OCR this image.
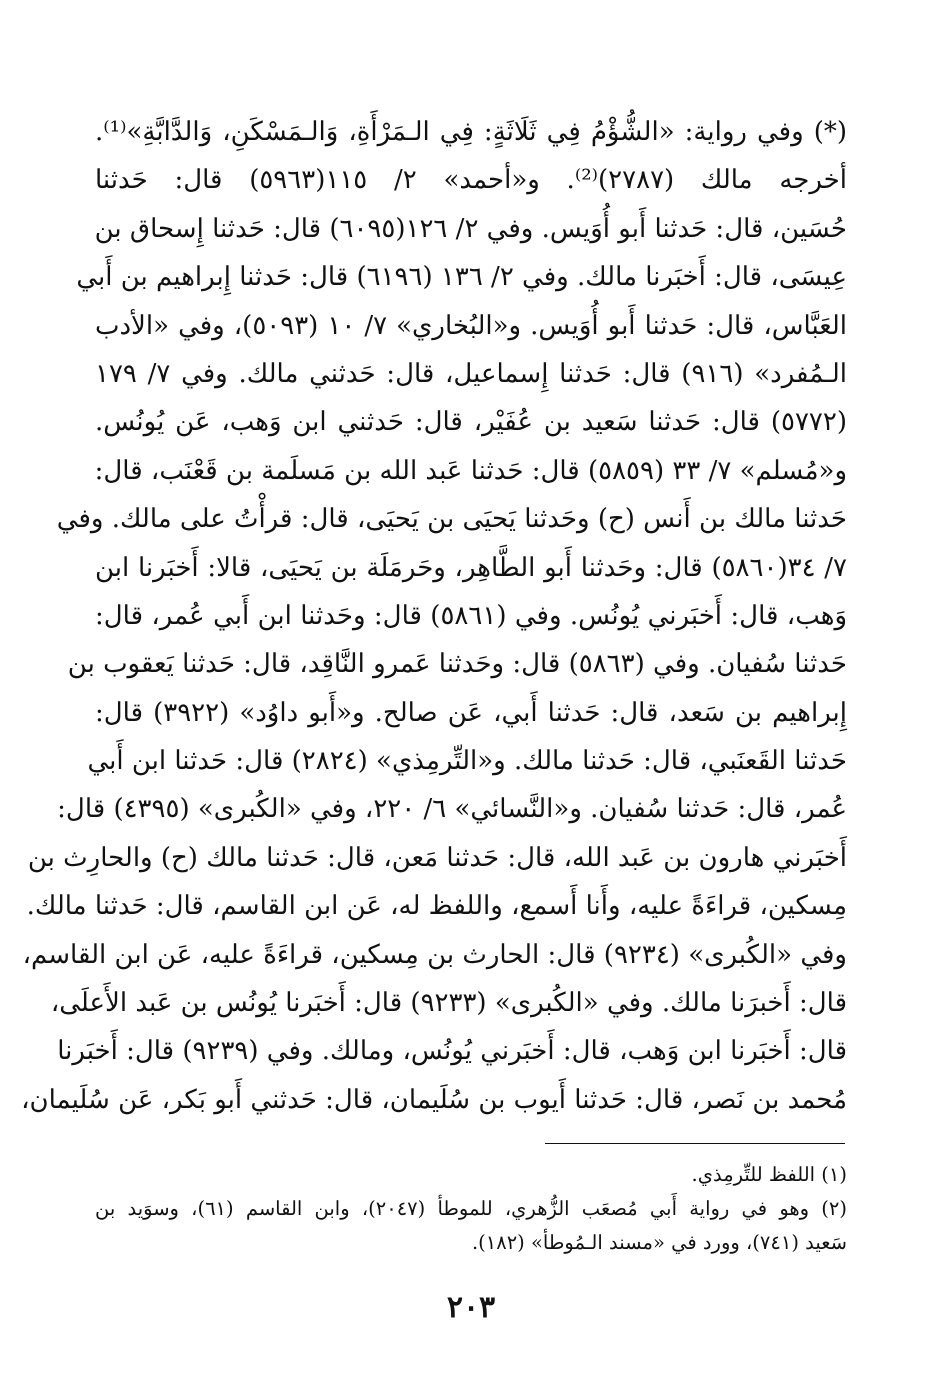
(*) وفي رواية: «الشُّؤْمُ فِي ثَلَاثَةٍ: فِي الـمَرْأَةِ، وَالـمَسْكَنِ، وَالدَّابَّةِ»⁽¹⁾.
أخرجه مالك (٢٧٨٧)⁽²⁾. و«أحمد» ٢/ ١١٥(٥٩٦٣) قال: حَدثنا
حُسَين، قال: حَدثنا أَبو أُوَيس. وفي ٢/ ١٢٦(٦٠٩٥) قال: حَدثنا إِسحاق بن
عِيسَى، قال: أَخبَرنا مالك. وفي ٢/ ١٣٦ (٦١٩٦) قال: حَدثنا إِبراهيم بن أَبي
العَبَّاس، قال: حَدثنا أَبو أُوَيس. و«البُخاري» ٧/ ١٠ (٥٠٩٣)، وفي «الأدب
الـمُفرد» (٩١٦) قال: حَدثنا إِسماعيل، قال: حَدثني مالك. وفي ٧/ ١٧٩
(٥٧٧٢) قال: حَدثنا سَعيد بن عُفَيْر، قال: حَدثني ابن وَهب، عَن يُونُس.
و«مُسلم» ٧/ ٣٣ (٥٨٥٩) قال: حَدثنا عَبد الله بن مَسلَمة بن قَعْنَب، قال:
حَدثنا مالك بن أَنس (ح) وحَدثنا يَحيَى بن يَحيَى، قال: قرأْتُ على مالك. وفي
٧/ ٣٤(٥٨٦٠) قال: وحَدثنا أَبو الطَّاهِر، وحَرمَلَة بن يَحيَى، قالا: أَخبَرنا ابن
وَهب، قال: أَخبَرني يُونُس. وفي (٥٨٦١) قال: وحَدثنا ابن أَبي عُمر، قال:
حَدثنا سُفيان. وفي (٥٨٦٣) قال: وحَدثنا عَمرو النَّاقِد، قال: حَدثنا يَعقوب بن
إِبراهيم بن سَعد، قال: حَدثنا أَبي، عَن صالح. و«أَبو داوُد» (٣٩٢٢) قال:
حَدثنا القَعنَبي، قال: حَدثنا مالك. و«التِّرمِذي» (٢٨٢٤) قال: حَدثنا ابن أَبي
عُمر، قال: حَدثنا سُفيان. و«النَّسائي» ٦/ ٢٢٠، وفي «الكُبرى» (٤٣٩٥) قال:
أَخبَرني هارون بن عَبد الله، قال: حَدثنا مَعن، قال: حَدثنا مالك (ح) والحارِث بن
مِسكين، قراءَةً عليه، وأَنا أَسمع، واللفظ له، عَن ابن القاسم، قال: حَدثنا مالك.
وفي «الكُبرى» (٩٢٣٤) قال: الحارث بن مِسكين، قراءَةً عليه، عَن ابن القاسم،
قال: أَخبرَنا مالك. وفي «الكُبرى» (٩٢٣٣) قال: أَخبَرنا يُونُس بن عَبد الأَعلَى،
قال: أَخبَرنا ابن وَهب، قال: أَخبَرني يُونُس، ومالك. وفي (٩٢٣٩) قال: أَخبَرنا
مُحمد بن نَصر، قال: حَدثنا أَيوب بن سُلَيمان، قال: حَدثني أَبو بَكر، عَن سُلَيمان،
(١) اللفظ للتِّرمِذي.
(٢) وهو في رواية أَبي مُصعَب الزُّهري، للموطأ (٢٠٤٧)، وابن القاسم (٦١)، وسوَيد بن
سَعيد (٧٤١)، وورد في «مسند الـمُوطأ» (١٨٢).
٢٠٣
